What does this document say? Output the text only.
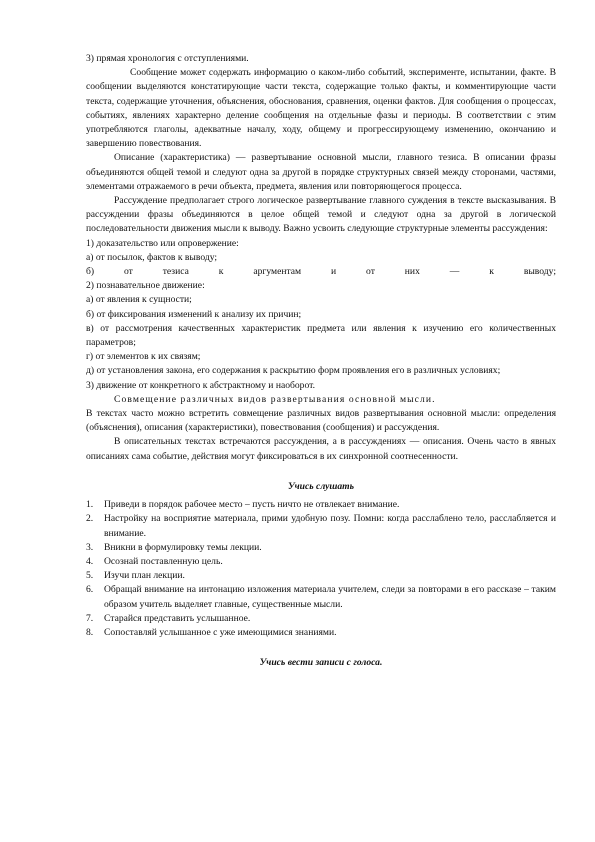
3) прямая хронология с отступлениями.

Сообщение может содержать информацию о каком-либо событий, эксперименте, испытании, факте. В сообщении выделяются констатирующие части текста, содержащие только факты, и комментирующие части текста, содержащие уточнения, объяснения, обоснования, сравнения, оценки фактов. Для сообщения о процессах, событиях, явлениях характерно деление сообщения на отдельные фазы и периоды. В соответствии с этим употребляются глаголы, адекватные началу, ходу, общему и прогрессирующему изменению, окончанию и завершению повествования.

Описание (характеристика) — развертывание основной мысли, главного тезиса. В описании фразы объединяются общей темой и следуют одна за другой в порядке структурных связей между сторонами, частями, элементами отражаемого в речи объекта, предмета, явления или повторяющегося процесса.

Рассуждение предполагает строго логическое развертывание главного суждения в тексте высказывания. В рассуждении фразы объединяются в целое общей темой и следуют одна за другой в логической последовательности движения мысли к выводу. Важно усвоить следующие структурные элементы рассуждения:

1) доказательство или опровержение:

а) от посылок, фактов к выводу;

б) от тезиса к аргументам и от них — к выводу;

2) познавательное движение:

а) от явления к сущности;

б) от фиксирования изменений к анализу их причин;

в) от рассмотрения качественных характеристик предмета или явления к изучению его количественных параметров;

г) от элементов к их связям;

д) от установления закона, его содержания к раскрытию форм проявления его в различных условиях;

3) движение от конкретного к абстрактному и наоборот.

Совмещение различных видов развертывания основной мысли.

В текстах часто можно встретить совмещение различных видов развертывания основной мысли: определения (объяснения), описания (характеристики), повествования (сообщения) и рассуждения.

В описательных текстах встречаются рассуждения, а в рассуждениях — описания. Очень часто в явных описаниях сама событие, действия могут фиксироваться в их синхронной соотнесенности.

Учись слушать

1. Приведи в порядок рабочее место – пусть ничто не отвлекает внимание.
2. Настройку на восприятие материала, прими удобную позу. Помни: когда расслаблено тело, расслабляется и внимание.
3. Вникни в формулировку темы лекции.
4. Осознай поставленную цель.
5. Изучи план лекции.
6. Обращай внимание на интонацию изложения материала учителем, следи за повторами в его рассказе – таким образом учитель выделяет главные, существенные мысли.
7. Старайся представить услышанное.
8. Сопоставляй услышанное с уже имеющимися знаниями.

Учись вести записи с голоса.
